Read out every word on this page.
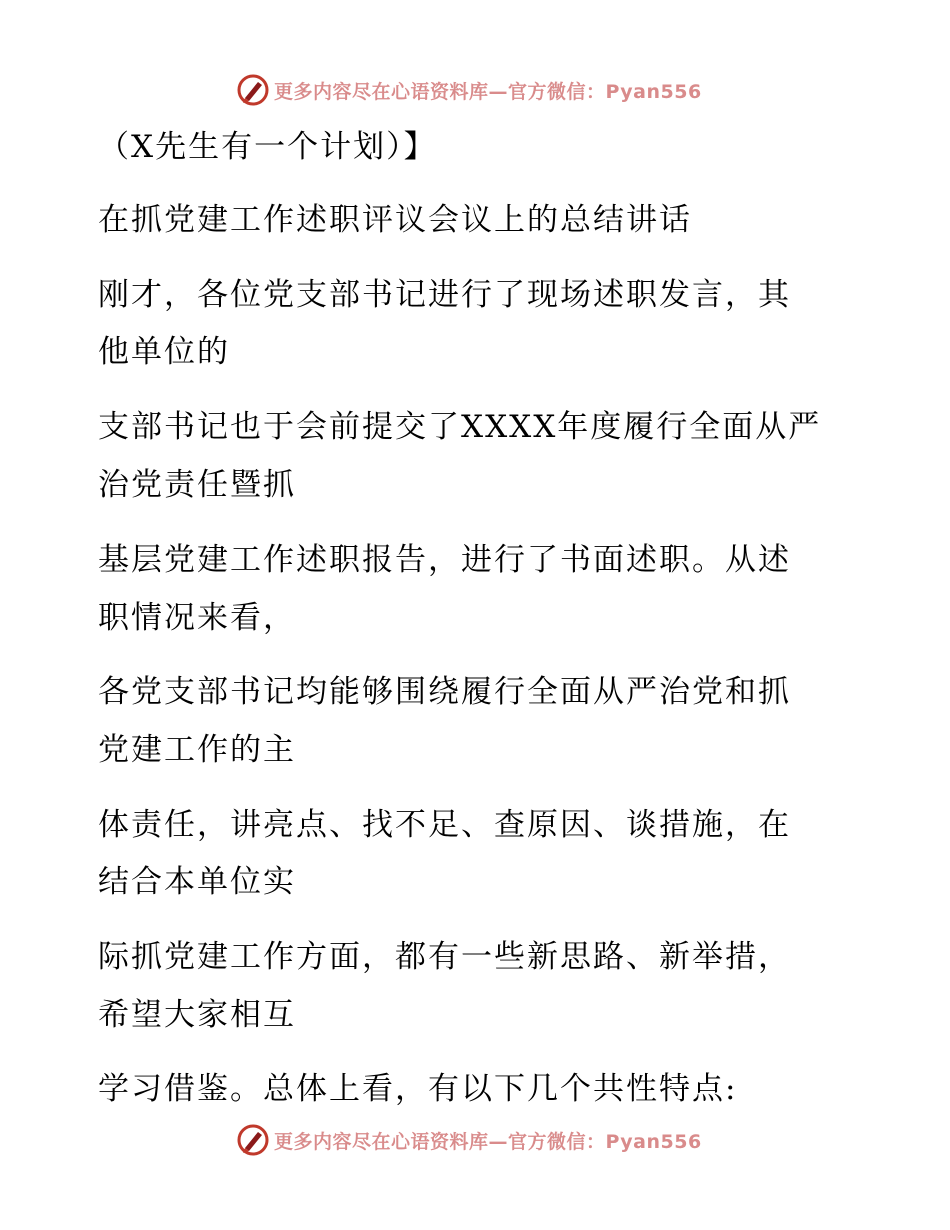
更多内容尽在心语资料库—官方微信：Pyan556
（X先生有一个计划）】
在抓党建工作述职评议会议上的总结讲话
刚才，各位党支部书记进行了现场述职发言，其
他单位的
支部书记也于会前提交了XXXX年度履行全面从严
治党责任暨抓
基层党建工作述职报告，进行了书面述职。从述
职情况来看，
各党支部书记均能够围绕履行全面从严治党和抓
党建工作的主
体责任，讲亮点、找不足、查原因、谈措施，在
结合本单位实
际抓党建工作方面，都有一些新思路、新举措，
希望大家相互
学习借鉴。总体上看，有以下几个共性特点:
更多内容尽在心语资料库—官方微信：Pyan556
